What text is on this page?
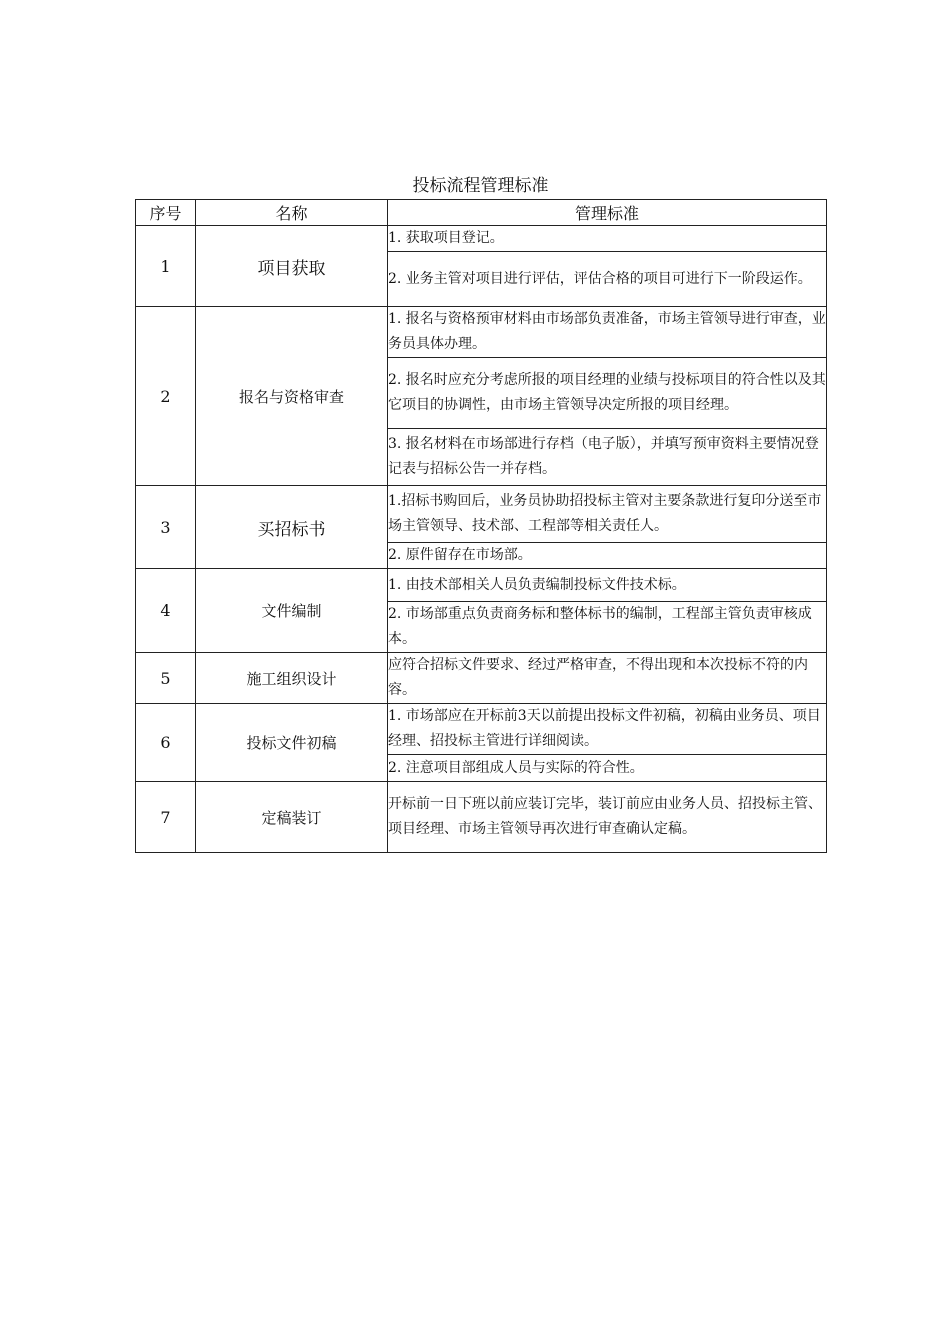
投标流程管理标准
序号	名称	管理标准
1	项目获取	1. 获取项目登记。
		2. 业务主管对项目进行评估，评估合格的项目可进行下一阶段运作。
2	报名与资格审查	1. 报名与资格预审材料由市场部负责准备，市场主管领导进行审查，业务员具体办理。
		2. 报名时应充分考虑所报的项目经理的业绩与投标项目的符合性以及其它项目的协调性，由市场主管领导决定所报的项目经理。
		3. 报名材料在市场部进行存档（电子版），并填写预审资料主要情况登记表与招标公告一并存档。
3	买招标书	1.招标书购回后，业务员协助招投标主管对主要条款进行复印分送至市场主管领导、技术部、工程部等相关责任人。
		2. 原件留存在市场部。
4	文件编制	1. 由技术部相关人员负责编制投标文件技术标。
		2. 市场部重点负责商务标和整体标书的编制，工程部主管负责审核成本。
5	施工组织设计	应符合招标文件要求、经过严格审查，不得出现和本次投标不符的内容。
6	投标文件初稿	1. 市场部应在开标前3天以前提出投标文件初稿，初稿由业务员、项目经理、招投标主管进行详细阅读。
		2. 注意项目部组成人员与实际的符合性。
7	定稿装订	开标前一日下班以前应装订完毕，装订前应由业务人员、招投标主管、项目经理、市场主管领导再次进行审查确认定稿。
